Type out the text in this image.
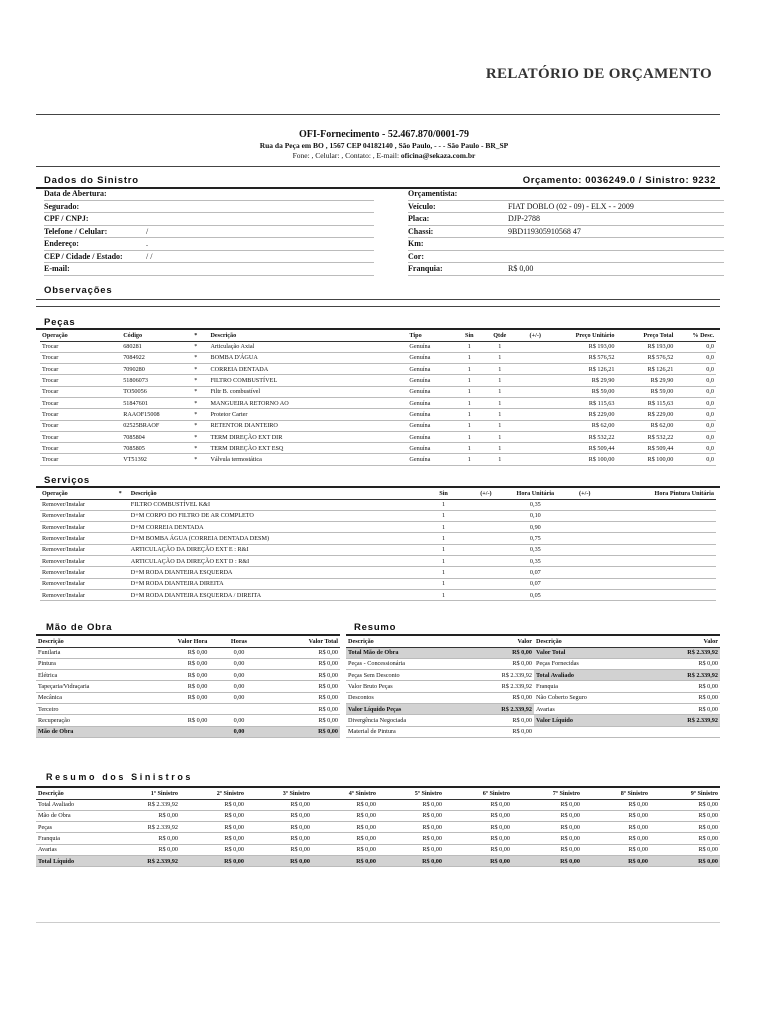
RELATÓRIO DE ORÇAMENTO
OFI-Fornecimento - 52.467.870/0001-79
Rua da Peça em BO , 1567 CEP 04182140 , São Paulo, - - - São Paulo - BR_SP
Fone: , Celular: , Contato: , E-mail: oficina@sekaza.com.br
Dados do Sinistro	Orçamento: 0036249.0 / Sinistro: 9232
Data de Abertura:
Segurado:
CPF / CNPJ:
Telefone / Celular:	/
Endereço:	.
CEP / Cidade / Estado:	/ /
E-mail:
Orçamentista:
Veículo:	FIAT DOBLO (02 - 09) - ELX - - 2009
Placa:	DJP-2788
Chassi:	9BD119305910568 47
Km:
Cor:
Franquia:	R$ 0,00
Observações
Peças
Operação	Código	*	Descrição	Tipo	Sin	Qtde	(+/-)	Preço Unitário	Preço Total	% Desc.
Trocar	680281	*	Articulação Axial	Genuína	1	1		R$ 193,00	R$ 193,00	0,0
Trocar	7084922	*	BOMBA D'ÁGUA	Genuína	1	1		R$ 576,52	R$ 576,52	0,0
Trocar	7090280	*	CORREIA DENTADA	Genuína	1	1		R$ 126,21	R$ 126,21	0,0
Trocar	51806073	*	FILTRO COMBUSTÍVEL	Genuína	1	1		R$ 29,90	R$ 29,90	0,0
Trocar	TO50056	*	Filtr B. combustível	Genuína	1	1		R$ 59,00	R$ 59,00	0,0
Trocar	51847601	*	MANGUEIRA RETORNO AO	Genuína	1	1		R$ 115,63	R$ 115,63	0,0
Trocar	RAAOF15008	*	Protetor Carter	Genuína	1	1		R$ 229,00	R$ 229,00	0,0
Trocar	02525BRAOF	*	RETENTOR DIANTEIRO	Genuína	1	1		R$ 62,00	R$ 62,00	0,0
Trocar	7085804	*	TERM DIREÇÃO EXT DIR	Genuína	1	1		R$ 532,22	R$ 532,22	0,0
Trocar	7085805	*	TERM DIREÇÃO EXT ESQ	Genuína	1	1		R$ 509,44	R$ 509,44	0,0
Trocar	VT51392	*	Válvula termostática	Genuína	1	1		R$ 100,00	R$ 100,00	0,0
Serviços
Operação	*	Descrição	Sin	(+/-)	Hora Unitária	(+/-)	Hora Pintura Unitária
Remover/Instalar		FILTRO COMBUSTÍVEL K&I	1		0,35		
Remover/Instalar		D+M CORPO DO FILTRO DE AR COMPLETO	1		0,10		
Remover/Instalar		D+M CORREIA DENTADA	1		0,90		
Remover/Instalar		D+M BOMBA ÁGUA (CORREIA DENTADA DESM)	1		0,75		
Remover/Instalar		ARTICULAÇÃO DA DIREÇÃO EXT E : R&I	1		0,35		
Remover/Instalar		ARTICULAÇÃO DA DIREÇÃO EXT D : R&I	1		0,35		
Remover/Instalar		D+M RODA DIANTEIRA ESQUERDA	1		0,07		
Remover/Instalar		D+M RODA DIANTEIRA DIREITA	1		0,07		
Remover/Instalar		D+M RODA DIANTEIRA ESQUERDA / DIREITA	1		0,05		
Mão de Obra	Resumo
Descrição	Valor Hora	Horas	Valor Total
Funilaria	R$ 0,00	0,00	R$ 0,00
Pintura	R$ 0,00	0,00	R$ 0,00
Elétrica	R$ 0,00	0,00	R$ 0,00
Tapeçaria/Vidraçaria	R$ 0,00	0,00	R$ 0,00
Mecânica	R$ 0,00	0,00	R$ 0,00
Terceiro			R$ 0,00
Recuperação	R$ 0,00	0,00	R$ 0,00
Mão de Obra		0,00	R$ 0,00
Descrição	Valor	Descrição	Valor
Total Mão de Obra	R$ 0,00	Valor Total	R$ 2.339,92
Peças - Concessionária	R$ 0,00	Peças Fornecidas	R$ 0,00
Peças Sem Desconto	R$ 2.339,92	Total Avaliado	R$ 2.339,92
Valor Bruto Peças	R$ 2.339,92	Franquia	R$ 0,00
Descontos	R$ 0,00	Não Coberto Seguro	R$ 0,00
Valor Líquido Peças	R$ 2.339,92	Avarias	R$ 0,00
Divergência Negociada	R$ 0,00	Valor Líquido	R$ 2.339,92
Material de Pintura	R$ 0,00		
Resumo dos Sinistros
Descrição	1º Sinistro	2º Sinistro	3º Sinistro	4º Sinistro	5º Sinistro	6º Sinistro	7º Sinistro	8º Sinistro	9º Sinistro
Total Avaliado	R$ 2.339,92	R$ 0,00	R$ 0,00	R$ 0,00	R$ 0,00	R$ 0,00	R$ 0,00	R$ 0,00	R$ 0,00
Mão de Obra	R$ 0,00	R$ 0,00	R$ 0,00	R$ 0,00	R$ 0,00	R$ 0,00	R$ 0,00	R$ 0,00	R$ 0,00
Peças	R$ 2.339,92	R$ 0,00	R$ 0,00	R$ 0,00	R$ 0,00	R$ 0,00	R$ 0,00	R$ 0,00	R$ 0,00
Franquia	R$ 0,00	R$ 0,00	R$ 0,00	R$ 0,00	R$ 0,00	R$ 0,00	R$ 0,00	R$ 0,00	R$ 0,00
Avarias	R$ 0,00	R$ 0,00	R$ 0,00	R$ 0,00	R$ 0,00	R$ 0,00	R$ 0,00	R$ 0,00	R$ 0,00
Total Líquido	R$ 2.339,92	R$ 0,00	R$ 0,00	R$ 0,00	R$ 0,00	R$ 0,00	R$ 0,00	R$ 0,00	R$ 0,00
